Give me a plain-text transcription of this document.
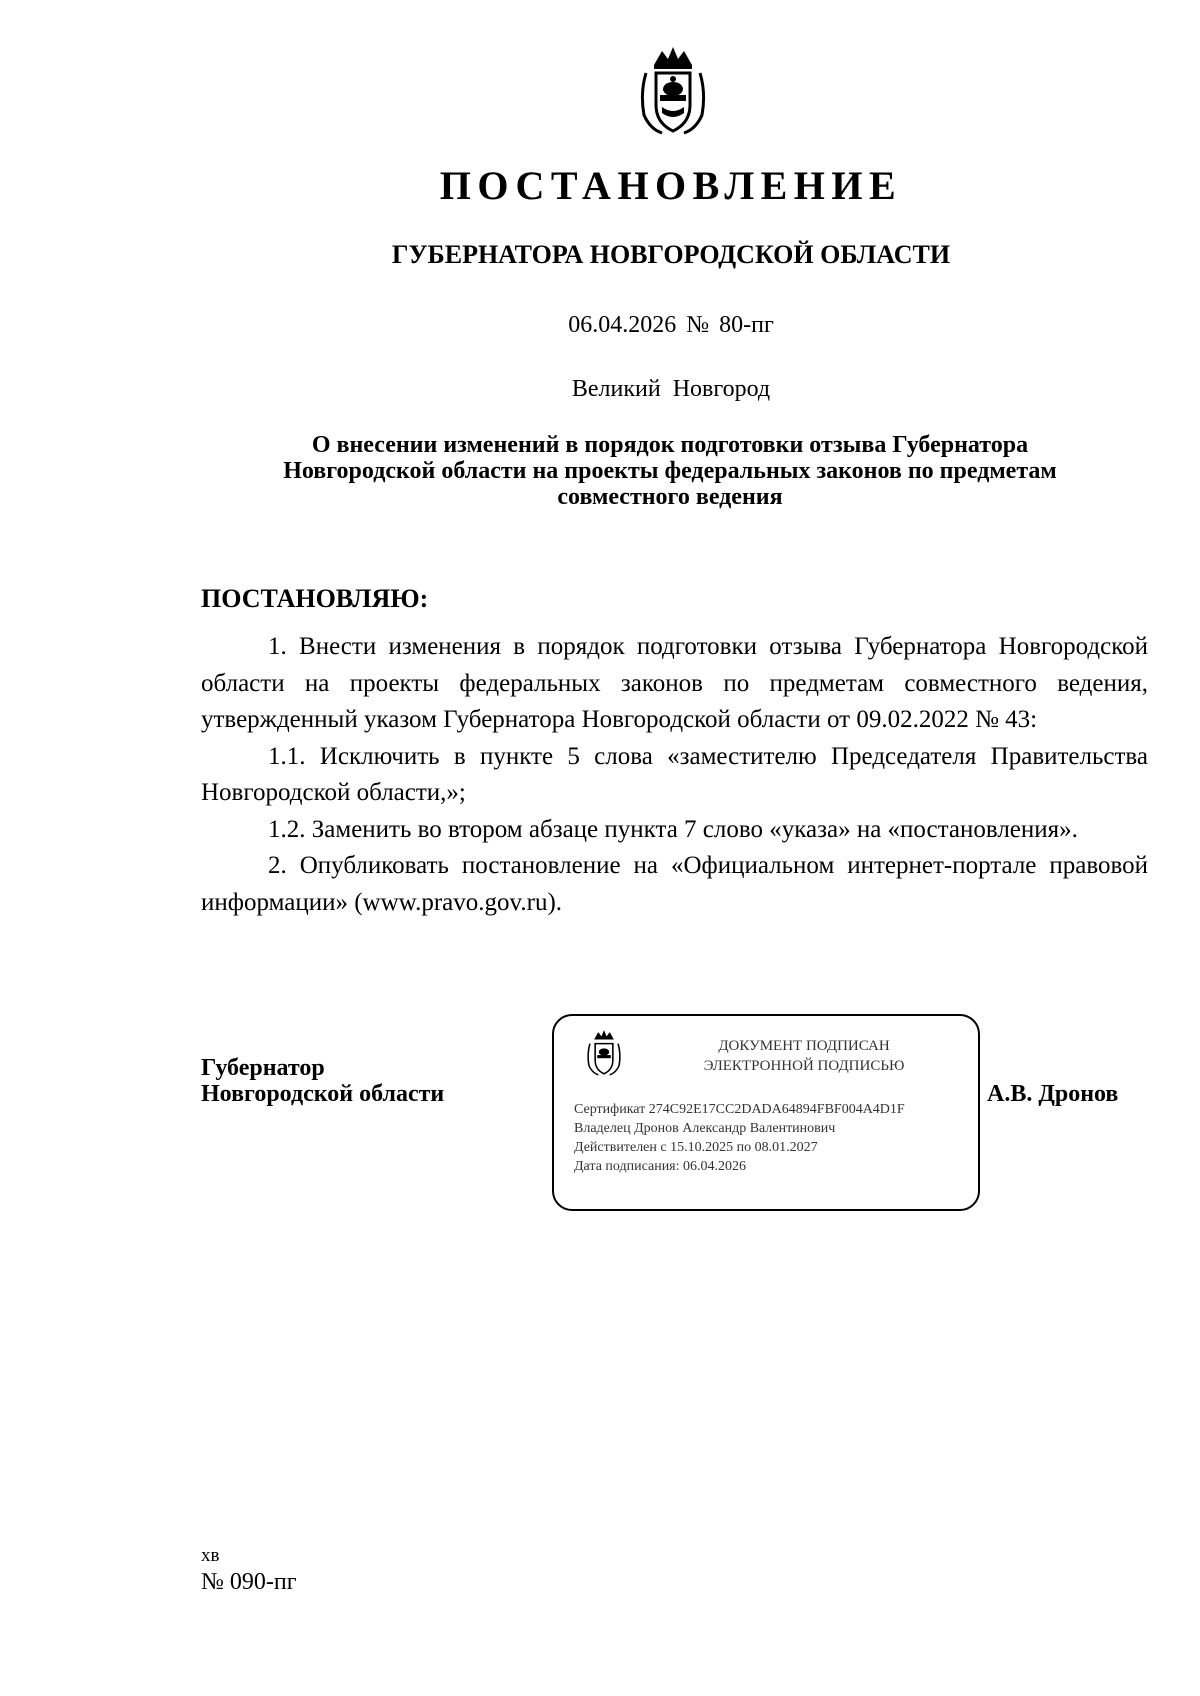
ПОСТАНОВЛЕНИЕ
ГУБЕРНАТОРА НОВГОРОДСКОЙ ОБЛАСТИ
06.04.2026 № 80-пг
Великий Новгород
О внесении изменений в порядок подготовки отзыва Губернатора
Новгородской области на проекты федеральных законов по предметам
совместного ведения
ПОСТАНОВЛЯЮ:

1. Внести изменения в порядок подготовки отзыва Губернатора Новгородской области на проекты федеральных законов по предметам совместного ведения, утвержденный указом Губернатора Новгородской области от 09.02.2022 № 43:

1.1. Исключить в пункте 5 слова «заместителю Председателя Правительства Новгородской области,»;

1.2. Заменить во втором абзаце пункта 7 слово «указа» на «постановления».

2. Опубликовать постановление на «Официальном интернет-портале правовой информации» (www.pravo.gov.ru).

Губернатор
Новгородской области
ДОКУМЕНТ ПОДПИСАН
ЭЛЕКТРОННОЙ ПОДПИСЬЮ
Сертификат 274C92E17CC2DADA64894FBF004A4D1F
Владелец Дронов Александр Валентинович
Действителен с 15.10.2025 по 08.01.2027
Дата подписания: 06.04.2026
А.В. Дронов
хв
№ 090-пг
